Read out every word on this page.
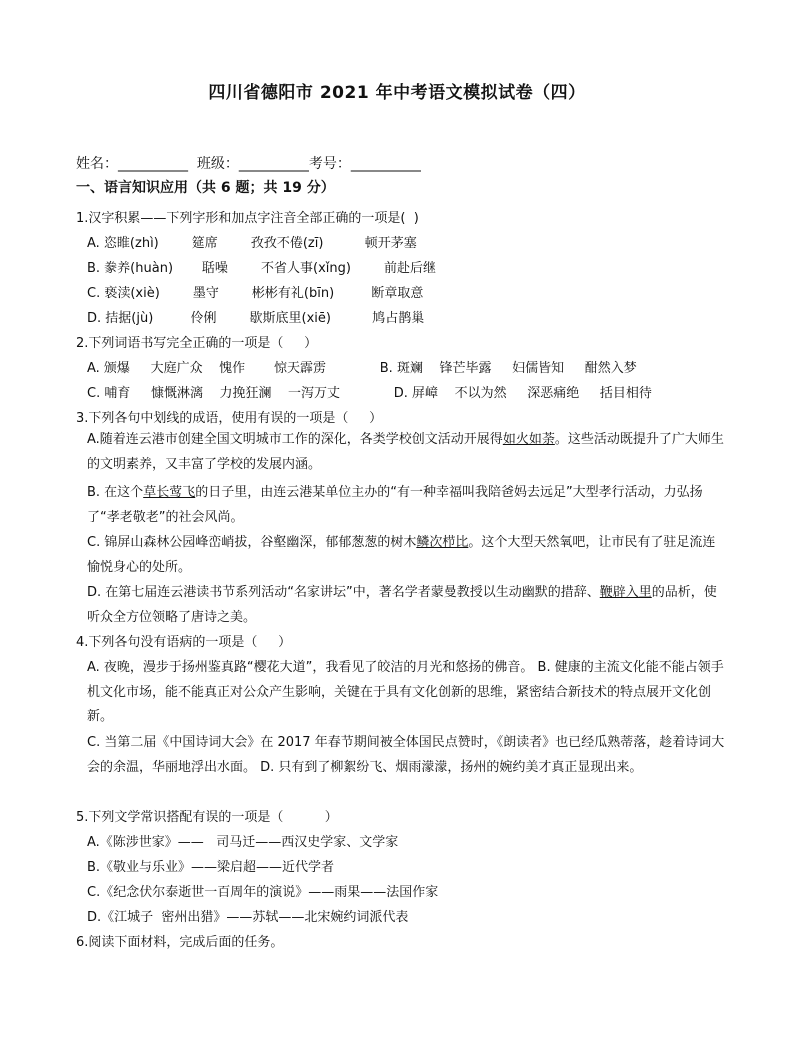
四川省德阳市 2021 年中考语文模拟试卷（四）
姓名：__________  班级：__________考号：__________
一、语言知识应用（共 6 题；共 19 分）
1.汉字积累——下列字形和加点字注音全部正确的一项是(  )
A. 恣睢(zhì)        筵席        孜孜不倦(zī)          顿开茅塞
B. 豢养(huàn)       聒噪        不省人事(xǐng)        前赴后继
C. 亵渎(xiè)        墨守        彬彬有礼(bīn)         断章取意
D. 拮据(jù)         伶俐        歇斯底里(xiē)          鸠占鹊巢
2.下列词语书写完全正确的一项是（     ）
A. 颁爆     大庭广众    愧作       惊天霹雳             B. 斑斓    锋芒毕露     妇儒皆知     酣然入梦
C. 哺育     慷慨淋漓    力挽狂澜    一泻万丈             D. 屏嶂    不以为然     深恶痛绝     括目相待
3.下列各句中划线的成语，使用有误的一项是（     ）
A.随着连云港市创建全国文明城市工作的深化，各类学校创文活动开展得如火如荼。这些活动既提升了广大师生的文明素养，又丰富了学校的发展内涵。
B. 在这个草长莺飞的日子里，由连云港某单位主办的“有一种幸福叫我陪爸妈去远足”大型孝行活动，力弘扬了“孝老敬老”的社会风尚。
C. 锦屏山森林公园峰峦峭拔，谷壑幽深，郁郁葱葱的树木鳞次栉比。这个大型天然氧吧，让市民有了驻足流连愉悦身心的处所。
D. 在第七届连云港读书节系列活动“名家讲坛”中，著名学者蒙曼教授以生动幽默的措辞、鞭辟入里的品析，使听众全方位领略了唐诗之美。
4.下列各句没有语病的一项是（     ）
A. 夜晚，漫步于扬州鉴真路“樱花大道”，我看见了皎洁的月光和悠扬的佛音。 B. 健康的主流文化能不能占领手机文化市场，能不能真正对公众产生影响，关键在于具有文化创新的思维，紧密结合新技术的特点展开文化创新。
C. 当第二届《中国诗词大会》在 2017 年春节期间被全体国民点赞时，《朗读者》也已经瓜熟蒂落，趁着诗词大会的余温，华丽地浮出水面。 D. 只有到了柳絮纷飞、烟雨濛濛，扬州的婉约美才真正显现出来。
5.下列文学常识搭配有误的一项是（          ）
A.《陈涉世家》——   司马迁——西汉史学家、文学家
B.《敬业与乐业》——梁启超——近代学者
C.《纪念伏尔泰逝世一百周年的演说》——雨果——法国作家
D.《江城子  密州出猎》——苏轼——北宋婉约词派代表
6.阅读下面材料，完成后面的任务。
